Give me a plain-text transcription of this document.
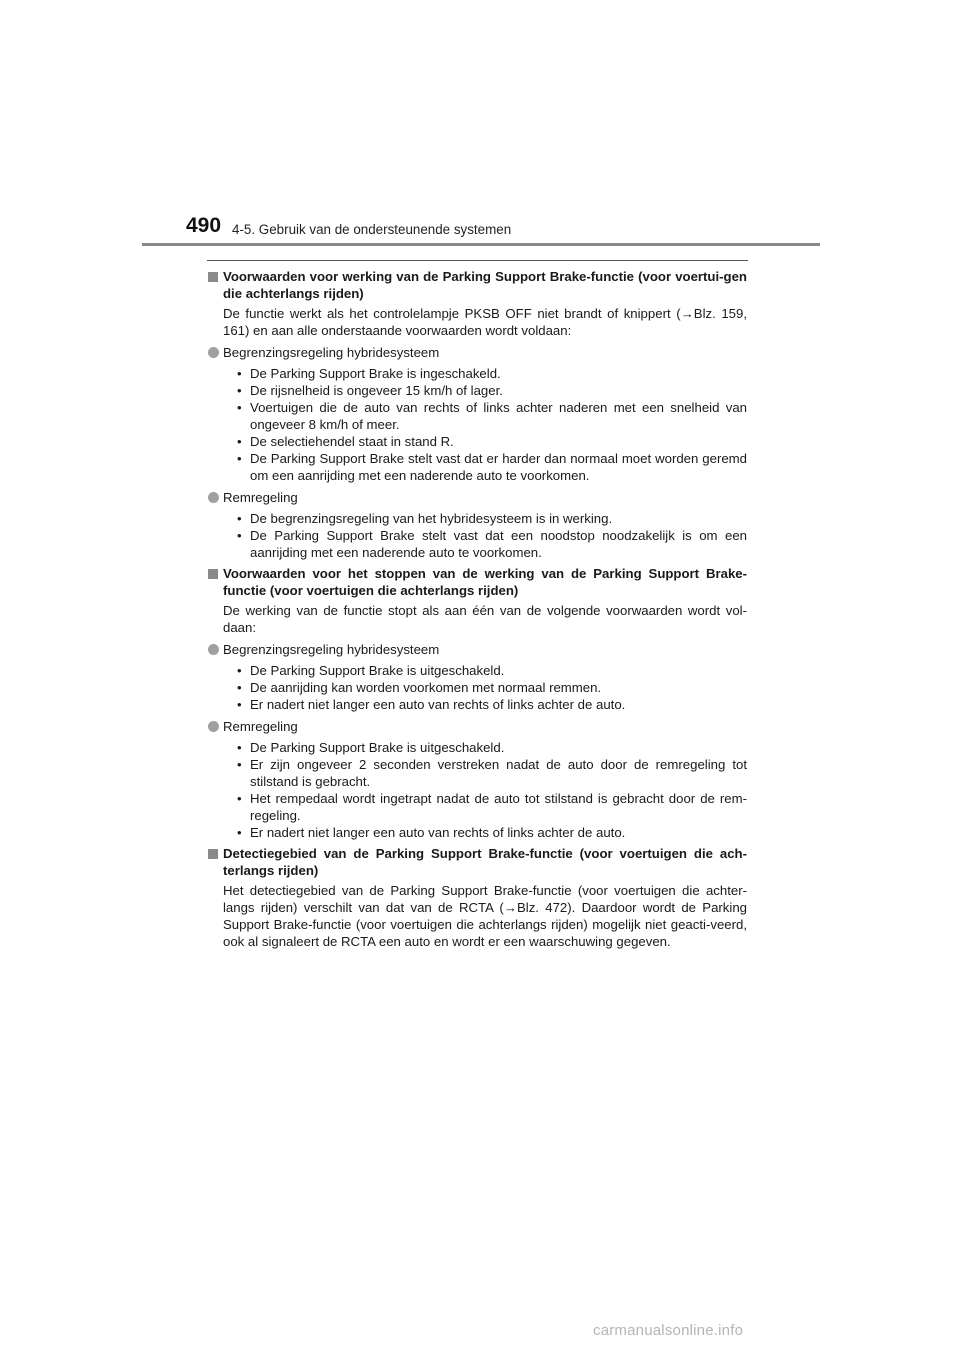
490 4-5. Gebruik van de ondersteunende systemen
Voorwaarden voor werking van de Parking Support Brake-functie (voor voertui-gen die achterlangs rijden)

De functie werkt als het controlelampje PKSB OFF niet brandt of knippert (→Blz. 159, 161) en aan alle onderstaande voorwaarden wordt voldaan:

Begrenzingsregeling hybridesysteem
• De Parking Support Brake is ingeschakeld.
• De rijsnelheid is ongeveer 15 km/h of lager.
• Voertuigen die de auto van rechts of links achter naderen met een snelheid van ongeveer 8 km/h of meer.
• De selectiehendel staat in stand R.
• De Parking Support Brake stelt vast dat er harder dan normaal moet worden geremd om een aanrijding met een naderende auto te voorkomen.
Remregeling
• De begrenzingsregeling van het hybridesysteem is in werking.
• De Parking Support Brake stelt vast dat een noodstop noodzakelijk is om een aanrijding met een naderende auto te voorkomen.
Voorwaarden voor het stoppen van de werking van de Parking Support Brake-functie (voor voertuigen die achterlangs rijden)

De werking van de functie stopt als aan één van de volgende voorwaarden wordt vol-daan:

Begrenzingsregeling hybridesysteem
• De Parking Support Brake is uitgeschakeld.
• De aanrijding kan worden voorkomen met normaal remmen.
• Er nadert niet langer een auto van rechts of links achter de auto.
Remregeling
• De Parking Support Brake is uitgeschakeld.
• Er zijn ongeveer 2 seconden verstreken nadat de auto door de remregeling tot stilstand is gebracht.
• Het rempedaal wordt ingetrapt nadat de auto tot stilstand is gebracht door de rem-regeling.
• Er nadert niet langer een auto van rechts of links achter de auto.
Detectiegebied van de Parking Support Brake-functie (voor voertuigen die ach-terlangs rijden)

Het detectiegebied van de Parking Support Brake-functie (voor voertuigen die achter-langs rijden) verschilt van dat van de RCTA (→Blz. 472). Daardoor wordt de Parking Support Brake-functie (voor voertuigen die achterlangs rijden) mogelijk niet geacti-veerd, ook al signaleert de RCTA een auto en wordt er een waarschuwing gegeven.

carmanualsonline.info
